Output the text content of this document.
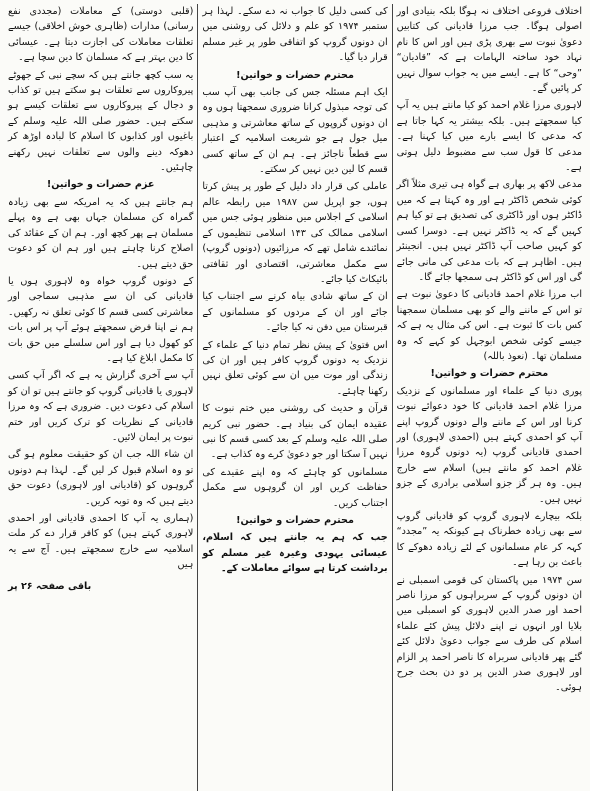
اختلاف فروعی اختلاف نہ ہوگا بلکہ بنیادی اور اصولی ہوگا۔ جب مرزا قادیانی کی کتابیں دعویٰ نبوت سے بھری پڑی ہیں اور اس کا نام نہاد خود ساختہ الہامات ہے کہ ”قادیان“ ”وحی“ کا ہے۔ ایسے میں یہ جواب سوال نہیں کر پائیں گے۔

لاہوری مرزا غلام احمد کو کیا مانتے ہیں یہ آپ کیا سمجھتے ہیں۔ بلکہ بیشتر یہ کہا جاتا ہے کہ مدعی کا ایسے بارے میں کیا کہنا ہے۔ مدعی کا قول سب سے مضبوط دلیل ہوتی ہے۔

مدعی لاکھ پر بھاری ہے گواہ ہی تیری مثلاً اگر کوئی شخص ڈاکٹر ہے اور وہ کہتا ہے کہ میں ڈاکٹر ہوں اور ڈاکٹری کی تصدیق ہے تو کیا ہم کہیں گے کہ یہ ڈاکٹر نہیں ہے۔ دوسرا کسی کو کہیں صاحب آپ ڈاکٹر نہیں ہیں۔ انجینئر ہیں۔ اظاہر ہے کہ بات مدعی کی مانی جائے گی اور اس کو ڈاکٹر ہی سمجھا جائے گا۔

اب مرزا غلام احمد قادیانی کا دعویٰ نبوت ہے تو اس کے ماننے والے کو بھی مسلمان سمجھنا کس بات کا ثبوت ہے۔ اس کی مثال یہ ہے کہ جیسے کوئی شخص ابوجہل کو کہے کہ وہ مسلمان تھا۔ (نعوذ باللہ)

محترم حضرات و خواتین!

پوری دنیا کے علماء اور مسلمانوں کے نزدیک مرزا غلام احمد قادیانی کا خود دعوائے نبوت کرنا اور اس کے ماننے والے دونوں گروپ اپنے آپ کو احمدی کہتے ہیں (احمدی لاہوری) اور احمدی قادیانی گروپ (یہ دونوں گروہ مرزا غلام احمد کو مانتے ہیں) اسلام سے خارج ہیں۔ وہ ہر گز جزو اسلامی برادری کے جزو نہیں ہیں۔

بلکہ بیچارے لاہوری گروپ کو قادیانی گروپ سے بھی زیادہ خطرناک ہے کیونکہ یہ ”مجدد“ کہہ کر عام مسلمانوں کے لئے زیادہ دھوکے کا باعث بن رہا ہے۔

سن ۱۹۷۴ میں پاکستان کی قومی اسمبلی نے ان دونوں گروپ کے سربراہوں کو مرزا ناصر احمد اور صدر الدین لاہوری کو اسمبلی میں بلایا اور انہوں نے اپنے دلائل پیش کئے علماء اسلام کی طرف سے جواب دعویٰ دلائل کئے گئے پھر قادیانی سربراہ کا ناصر احمد پر الزام اور لاہوری صدر الدین پر دو دن بحث جرح ہوئی۔

کی کسی دلیل کا جواب نہ دے سکے۔ لہذا ہر ستمبر ۱۹۷۴ کو علم و دلائل کی روشنی میں ان دونوں گروپ کو اتفاقی طور پر غیر مسلم قرار دیا گیا۔

محترم حضرات و خواتین!

ایک اہم مسئلہ جس کی جانب بھی آپ سب کی توجہ مبذول کرانا ضروری سمجھتا ہوں وہ ان دونوں گروپوں کے ساتھ معاشرتی و مذہبی میل جول ہے جو شریعت اسلامیہ کے اعتبار سے قطعاً ناجائز ہے۔ ہم ان کے ساتھ کسی قسم کا لین دین نہیں کر سکتے۔

عاملی کی قرار داد دلیل کے طور پر پیش کرتا ہوں، جو اپریل سن ۱۹۸۷ میں رابطہ عالم اسلامی کے اجلاس میں منظور ہوئی جس میں اسلامی ممالک کی ۱۴۳ اسلامی تنظیموں کے نمائندے شامل تھے کہ مرزائیوں (دونوں گروپ) سے مکمل معاشرتی، اقتصادی اور ثقافتی بائیکاٹ کیا جائے۔

ان کے ساتھ شادی بیاہ کرنے سے اجتناب کیا جائے اور ان کے مردوں کو مسلمانوں کے قبرستان میں دفن نہ کیا جائے۔

اس فتویٰ کے پیش نظر تمام دنیا کے علماء کے نزدیک یہ دونوں گروپ کافر ہیں اور ان کی زندگی اور موت میں ان سے کوئی تعلق نہیں رکھنا چاہئے۔

قرآن و حدیث کی روشنی میں ختم نبوت کا عقیدہ ایمان کی بنیاد ہے۔ حضور نبی کریم صلی اللہ علیہ وسلم کے بعد کسی قسم کا نبی نہیں آ سکتا اور جو دعویٰ کرے وہ کذاب ہے۔

مسلمانوں کو چاہئے کہ وہ اپنے عقیدے کی حفاظت کریں اور ان گروہوں سے مکمل اجتناب کریں۔

محترم حضرات و خواتین!

جب کہ ہم یہ جانتے ہیں کہ اسلام، عیسائی یہودی وغیرہ غیر مسلم کو برداشت کرتا ہے سوائے معاملات کے۔

(قلبی دوستی) کے معاملات (مجددی نفع رسانی) مدارات (ظاہری خوش اخلاقی) جیسے تعلقات معاملات کی اجازت دیتا ہے۔ عیسائی کا دین بہتر ہے کہ مسلمان کا دین سچا ہے۔

یہ سب کچھ جانتے ہیں کہ سچے نبی کے جھوٹے پیروکاروں سے تعلقات ہو سکتے ہیں تو کذاب و دجال کے پیروکاروں سے تعلقات کیسے ہو سکتے ہیں۔ حضور صلی اللہ علیہ وسلم کے باغیوں اور کذابوں کا اسلام کا لبادہ اوڑھ کر دھوکہ دینے والوں سے تعلقات نہیں رکھنے چاہئیں۔

عزم حضرات و خواتین!

ہم جانتے ہیں کہ یہ امریکہ سے بھی زیادہ گمراہ کن مسلمان جہاں بھی ہے وہ پہلے مسلمان ہے پھر کچھ اور۔ ہم ان کے عقائد کی اصلاح کرنا چاہتے ہیں اور ہم ان کو دعوت حق دیتے ہیں۔

کے دونوں گروپ خواہ وہ لاہوری ہوں یا قادیانی کی ان سے مذہبی سماجی اور معاشرتی کسی قسم کا کوئی تعلق نہ رکھیں۔ ہم نے اپنا فرض سمجھتے ہوئے آپ پر اس بات کو کھول دیا ہے اور اس سلسلے میں حق بات کا مکمل ابلاغ کیا ہے۔

آپ سے آخری گزارش یہ ہے کہ اگر آپ کسی لاہوری یا قادیانی گروپ کو جانتے ہیں تو ان کو اسلام کی دعوت دیں۔ ضروری ہے کہ وہ مرزا قادیانی کے نظریات کو ترک کریں اور ختم نبوت پر ایمان لائیں۔

ان شاء اللہ جب ان کو حقیقت معلوم ہو گی تو وہ اسلام قبول کر لیں گے۔ لہذا ہم دونوں گروہوں کو (قادیانی اور لاہوری) دعوت حق دیتے ہیں کہ وہ توبہ کریں۔

(ہماری یہ آپ کا احمدی قادیانی اور احمدی لاہوری کہتے ہیں) کو کافر قرار دے کر ملت اسلامیہ سے خارج سمجھتے ہیں۔ آج سے یہ ہیں

باقی صفحہ ۲۶ پر
